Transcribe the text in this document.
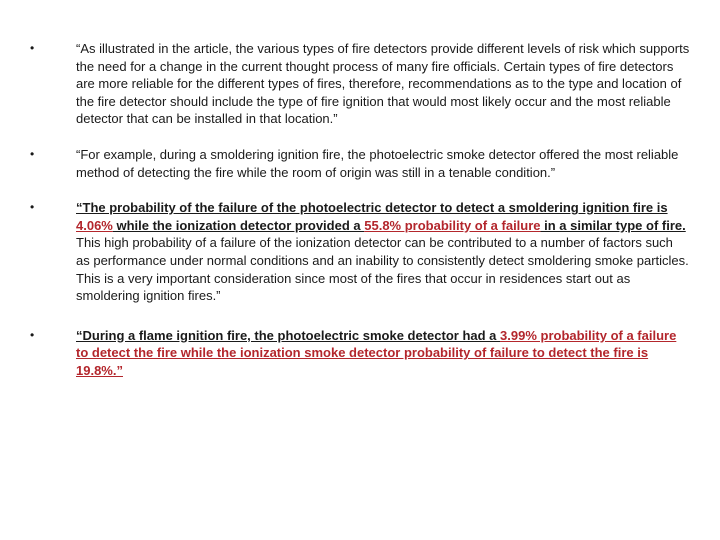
•	“As illustrated in the article, the various types of fire detectors provide different levels of risk which supports the need for a change in the current thought process of many fire officials. Certain types of fire detectors are more reliable for the different types of fires, therefore, recommendations as to the type and location of the fire detector should include the type of fire ignition that would most likely occur and the most reliable detector that can be installed in that location.”
•	“For example, during a smoldering ignition fire, the photoelectric smoke detector offered the most reliable method of detecting the fire while the room of origin was still in a tenable condition.”
•	“The probability of the failure of the photoelectric detector to detect a smoldering ignition fire is 4.06% while the ionization detector provided a 55.8% probability of a failure in a similar type of fire. This high probability of a failure of the ionization detector can be contributed to a number of factors such as performance under normal conditions and an inability to consistently detect smoldering smoke particles. This is a very important consideration since most of the fires that occur in residences start out as smoldering ignition fires.”
•	“During a flame ignition fire, the photoelectric smoke detector had a 3.99% probability of a failure to detect the fire while the ionization smoke detector probability of failure to detect the fire is 19.8%.”
